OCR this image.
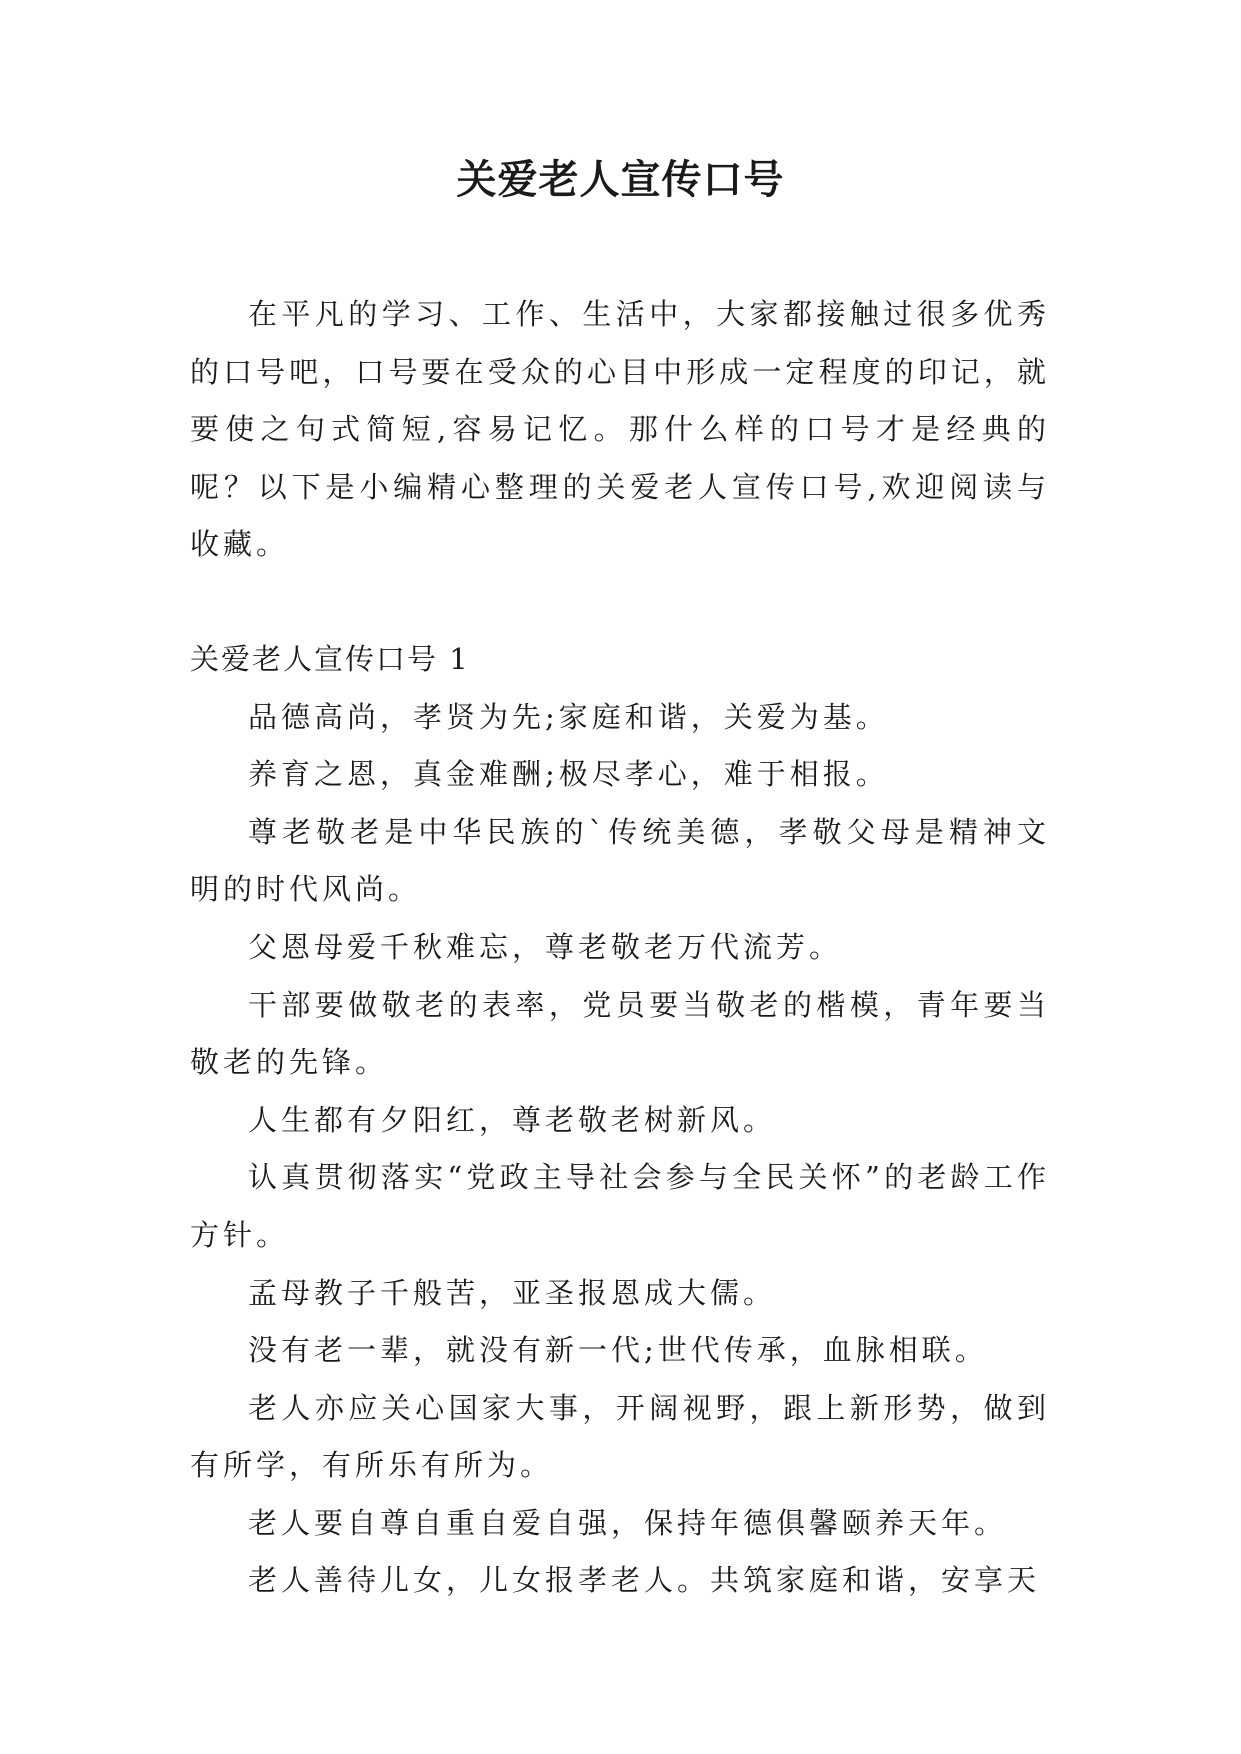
关爱老人宣传口号

在平凡的学习、工作、生活中，大家都接触过很多优秀的口号吧，口号要在受众的心目中形成一定程度的印记，就要使之句式简短,容易记忆。那什么样的口号才是经典的呢？以下是小编精心整理的关爱老人宣传口号,欢迎阅读与收藏。

关爱老人宣传口号 1

品德高尚，孝贤为先;家庭和谐，关爱为基。

养育之恩，真金难酬;极尽孝心，难于相报。

尊老敬老是中华民族的`传统美德，孝敬父母是精神文明的时代风尚。

父恩母爱千秋难忘，尊老敬老万代流芳。

干部要做敬老的表率，党员要当敬老的楷模，青年要当敬老的先锋。

人生都有夕阳红，尊老敬老树新风。

认真贯彻落实“党政主导社会参与全民关怀”的老龄工作方针。

孟母教子千般苦，亚圣报恩成大儒。

没有老一辈，就没有新一代;世代传承，血脉相联。

老人亦应关心国家大事，开阔视野，跟上新形势，做到有所学，有所乐有所为。

老人要自尊自重自爱自强，保持年德俱馨颐养天年。

老人善待儿女，儿女报孝老人。共筑家庭和谐，安享天
